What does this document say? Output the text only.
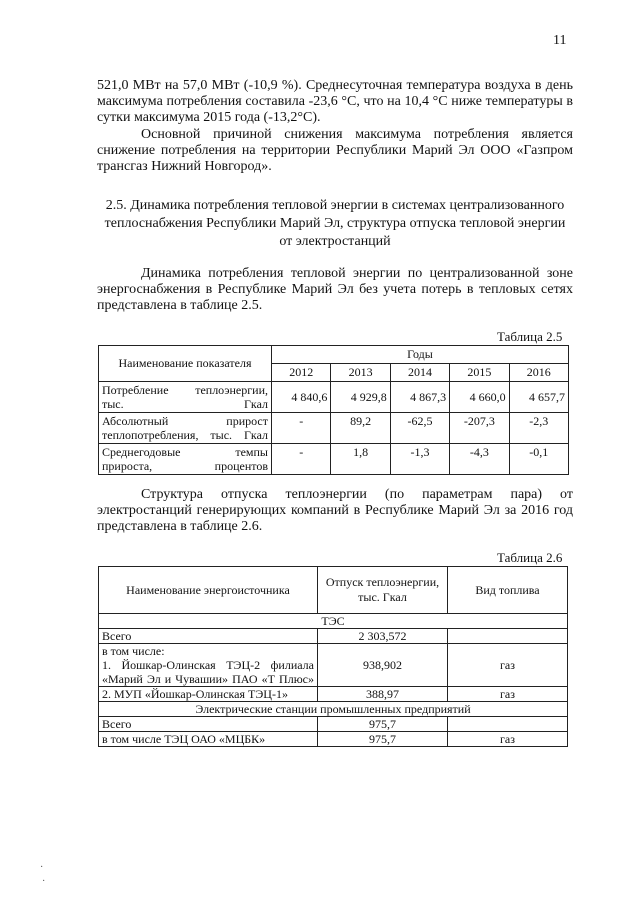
11

521,0 МВт на 57,0 МВт (-10,9 %). Среднесуточная температура воздуха в день максимума потребления составила -23,6 °С, что на 10,4 °С ниже температуры в сутки максимума 2015 года (-13,2°С).

Основной причиной снижения максимума потребления является снижение потребления на территории Республики Марий Эл ООО «Газпром трансгаз Нижний Новгород».

2.5. Динамика потребления тепловой энергии в системах централизованного теплоснабжения Республики Марий Эл, структура отпуска тепловой энергии от электростанций

Динамика потребления тепловой энергии по централизованной зоне энергоснабжения в Республике Марий Эл без учета потерь в тепловых сетях представлена в таблице 2.5.

Таблица 2.5
Наименование показателя	Годы				
	2012	2013	2014	2015	2016
Потребление теплоэнергии, тыс. Гкал	4 840,6	4 929,8	4 867,3	4 660,0	4 657,7
Абсолютный прирост теплопотребления, тыс. Гкал	-	89,2	-62,5	-207,3	-2,3
Среднегодовые темпы прироста, процентов	-	1,8	-1,3	-4,3	-0,1

Структура отпуска теплоэнергии (по параметрам пара) от электростанций генерирующих компаний в Республике Марий Эл за 2016 год представлена в таблице 2.6.

Таблица 2.6
Наименование энергоисточника	Отпуск теплоэнергии, тыс. Гкал	Вид топлива
ТЭС		
Всего	2 303,572	

в том числе:
1. Йошкар-Олинская ТЭЦ-2 филиала «Марий Эл и Чувашии» ПАО «Т Плюс»	938,902	газ
2. МУП «Йошкар-Олинская ТЭЦ-1»	388,97	газ
Электрические станции промышленных предприятий		
Всего	975,7	
в том числе ТЭЦ ОАО «МЦБК»	975,7	газ
·
·
